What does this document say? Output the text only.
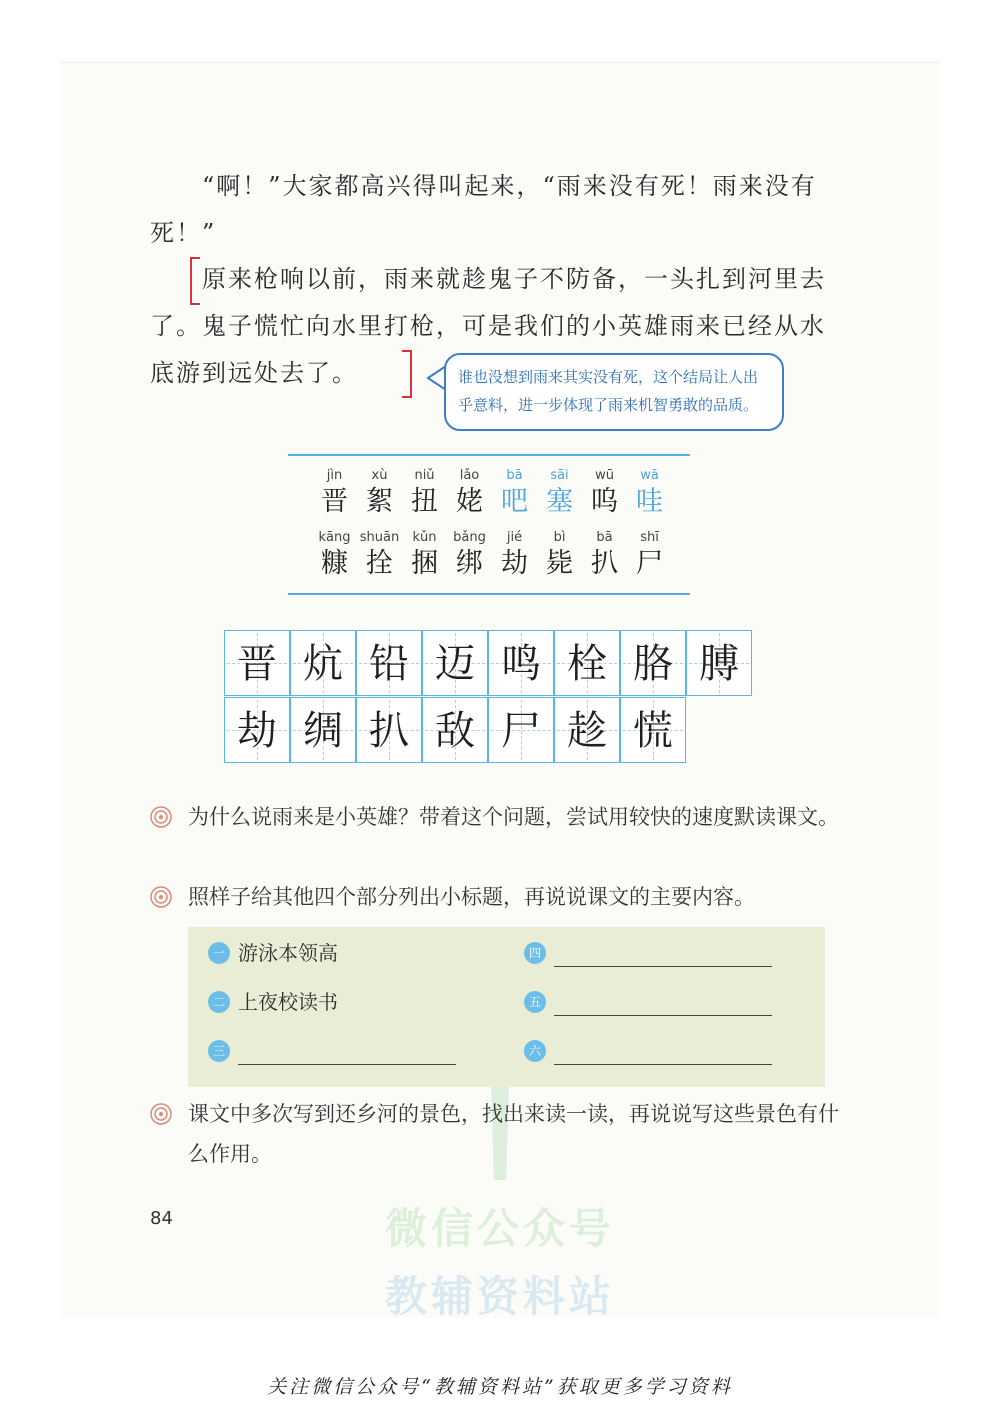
微信公众号
教辅资料站
“啊！”大家都高兴得叫起来，“雨来没有死！雨来没有死！”
原来枪响以前，雨来就趁鬼子不防备，一头扎到河里去了。鬼子慌忙向水里打枪，可是我们的小英雄雨来已经从水底游到远处去了。	谁也没想到雨来其实没有死，这个结局让人出乎意料，进一步体现了雨来机智勇敢的品质。
jìn
晋
xù
絮
niǔ
扭
lǎo
姥
bā
吧
sāi
塞
wū
呜
wā
哇
kāng
糠
shuān
拴
kǔn
捆
bǎng
绑
jié
劫
bì
毙
bā
扒
shī
尸
晋 炕 铅 迈 鸣 栓 胳 膊
劫 绸 扒 敌 尸 趁 慌
为什么说雨来是小英雄？带着这个问题，尝试用较快的速度默读课文。
照样子给其他四个部分列出小标题，再说说课文的主要内容。
一 游泳本领高
二 上夜校读书
三
四
五
六
课文中多次写到还乡河的景色，找出来读一读，再说说写这些景色有什么作用。
84
关注微信公众号“教辅资料站”获取更多学习资料
